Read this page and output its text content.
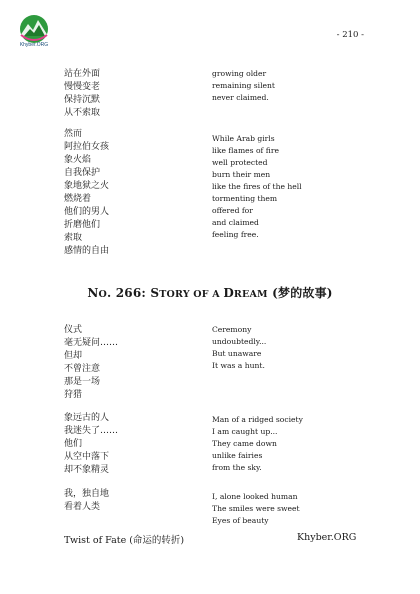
Khyber.ORG
- 210 -
站在外面
慢慢变老
保持沉默
从不索取
growing older
remaining silent
never claimed.
然而
阿拉伯女孩
象火焰
自我保护
象地狱之火
燃烧着
他们的男人
折磨他们
索取
感情的自由
While Arab girls
like flames of fire
well protected
burn their men
like the fires of the hell
tormenting them
offered for
and claimed
feeling free.
NO. 266: STORY OF A DREAM (梦的故事)
仪式
毫无疑问……
但却
不曾注意
那是一场
狩猎
Ceremony
undoubtedly...
But unaware
It was a hunt.
象远古的人
我迷失了……
他们
从空中落下
却不象精灵
Man of a ridged society
I am caught up...
They came down
unlike fairies
from the sky.
我，独自地
看着人类
I, alone looked human
The smiles were sweet
Eyes of beauty
Twist of Fate (命运的转折)	Khyber.ORG
